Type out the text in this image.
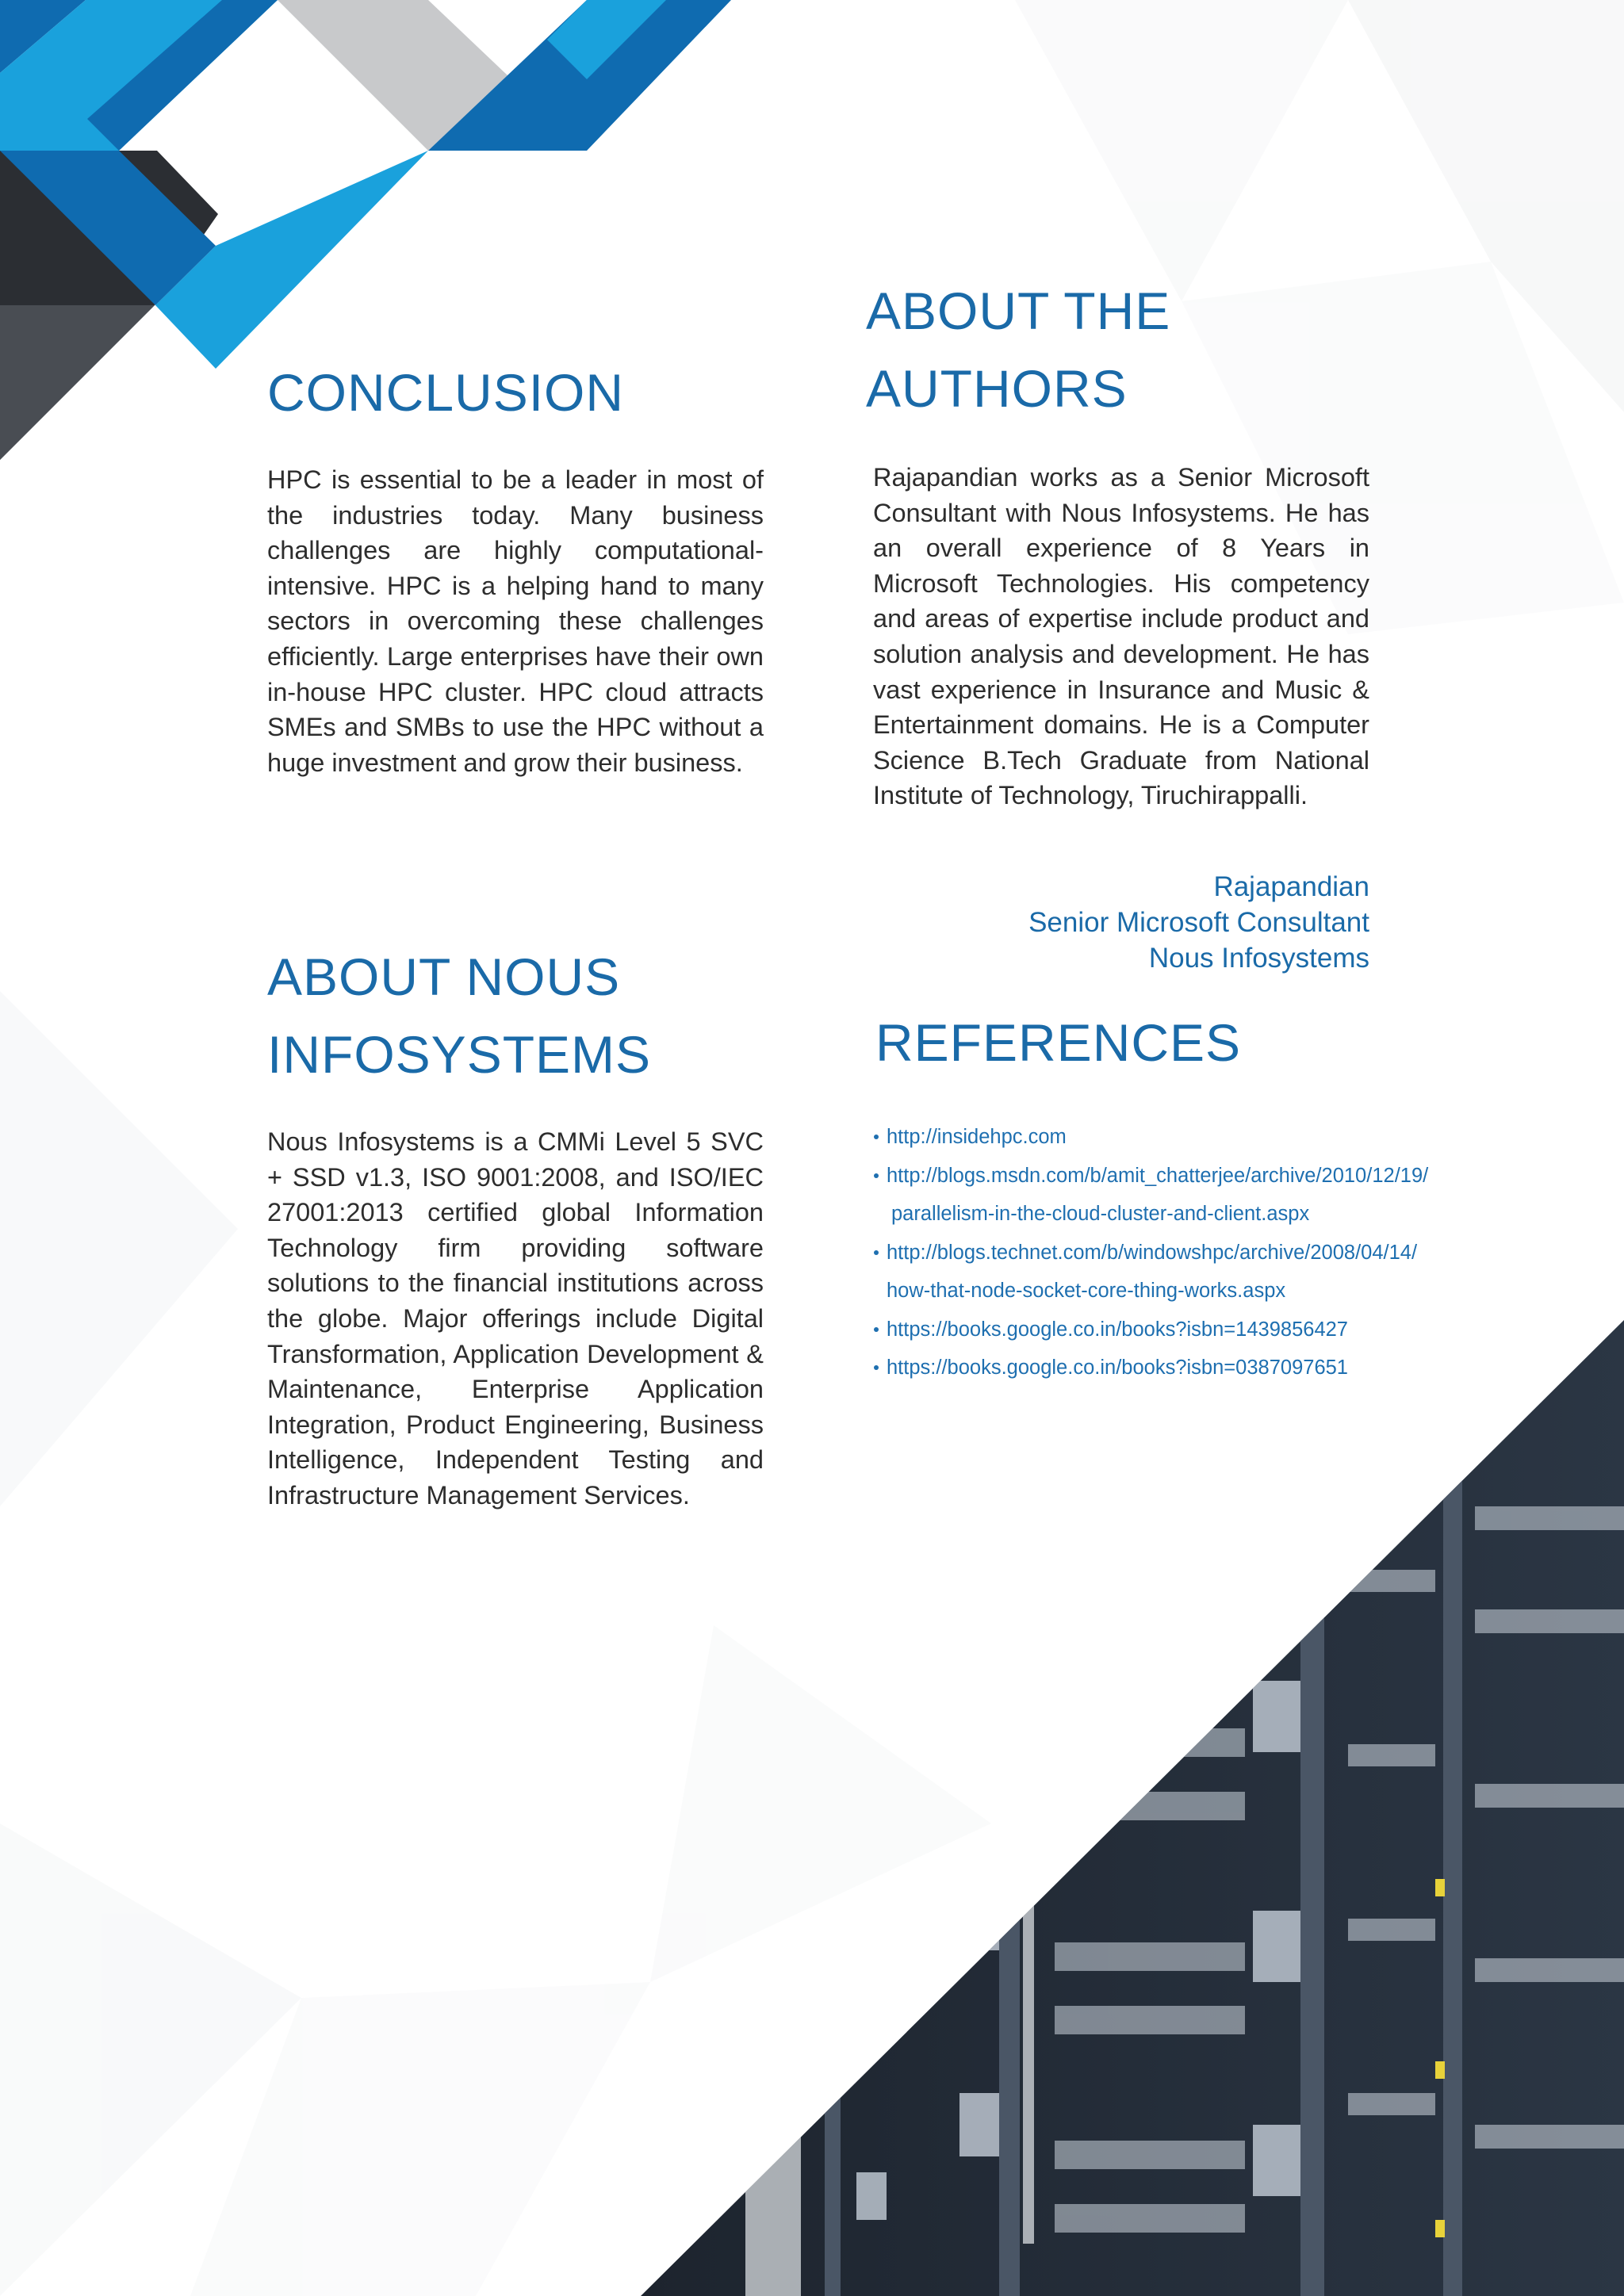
CONCLUSION

HPC is essential to be a leader in most of the industries today. Many business challenges are highly computational-intensive. HPC is a helping hand to many sectors in overcoming these challenges efficiently. Large enterprises have their own in-house HPC cluster. HPC cloud attracts SMEs and SMBs to use the HPC without a huge investment and grow their business.

ABOUT NOUS
INFOSYSTEMS

Nous Infosystems is a CMMi Level 5 SVC + SSD v1.3, ISO 9001:2008, and ISO/IEC 27001:2013 certified global Information Technology firm providing software solutions to the financial institutions across the globe. Major offerings include Digital Transformation, Application Development & Maintenance, Enterprise Application Integration, Product Engineering, Business Intelligence, Independent Testing and Infrastructure Management Services.

ABOUT THE
AUTHORS

Rajapandian works as a Senior Microsoft Consultant with Nous Infosystems. He has an overall experience of 8 Years in Microsoft Technologies. His competency and areas of expertise include product and solution analysis and development. He has vast experience in Insurance and Music & Entertainment domains. He is a Computer Science B.Tech Graduate from National Institute of Technology, Tiruchirappalli.

Rajapandian
Senior Microsoft Consultant
Nous Infosystems

REFERENCES
http://insidehpc.com
http://blogs.msdn.com/b/amit_chatterjee/archive/2010/12/19/
parallelism-in-the-cloud-cluster-and-client.aspx
http://blogs.technet.com/b/windowshpc/archive/2008/04/14/
how-that-node-socket-core-thing-works.aspx
https://books.google.co.in/books?isbn=1439856427
https://books.google.co.in/books?isbn=0387097651
